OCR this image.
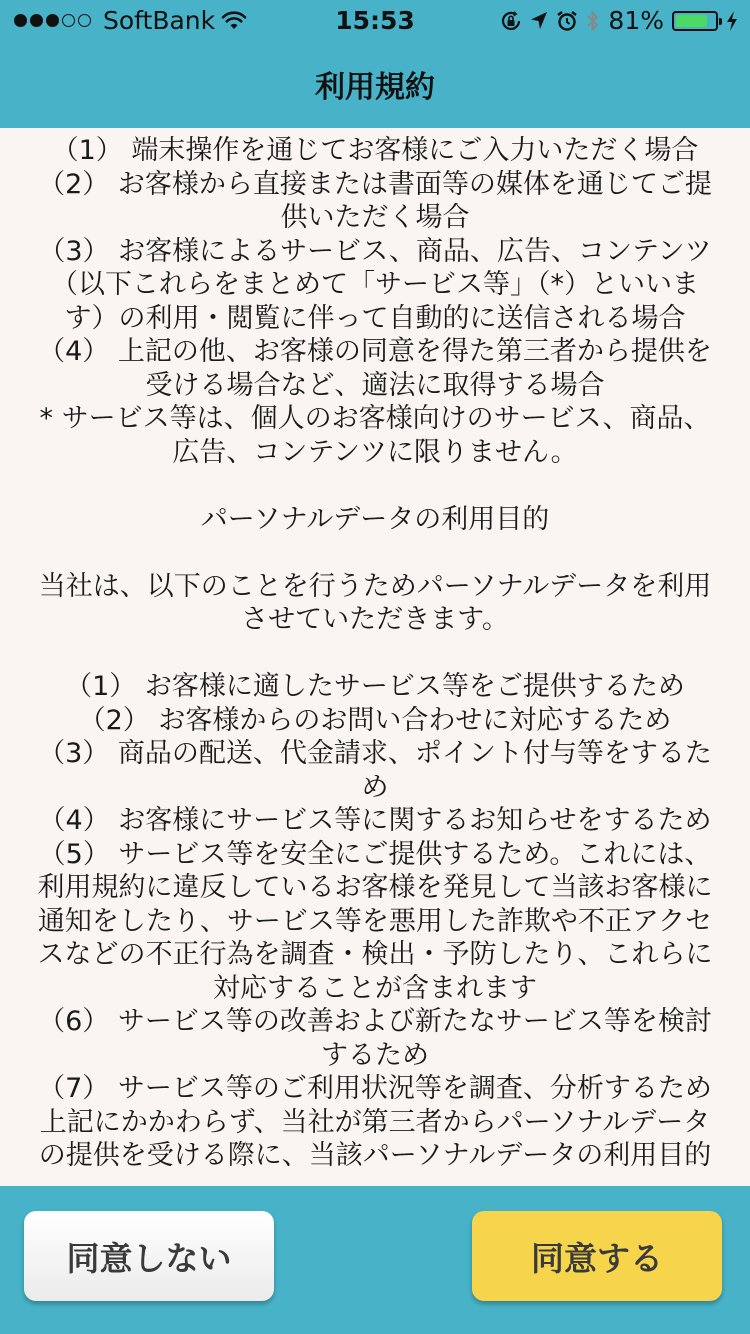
SoftBank	15:53	81%
利用規約
（1） 端末操作を通じてお客様にご入力いただく場合
（2） お客様から直接または書面等の媒体を通じてご提
供いただく場合
（3） お客様によるサービス、商品、広告、コンテンツ
（以下これらをまとめて「サービス等」（*）といいま
す）の利用・閲覧に伴って自動的に送信される場合
（4） 上記の他、お客様の同意を得た第三者から提供を
受ける場合など、適法に取得する場合
* サービス等は、個人のお客様向けのサービス、商品、
広告、コンテンツに限りません。
パーソナルデータの利用目的
当社は、以下のことを行うためパーソナルデータを利用
させていただきます。
（1） お客様に適したサービス等をご提供するため
（2） お客様からのお問い合わせに対応するため
（3） 商品の配送、代金請求、ポイント付与等をするた
め
（4） お客様にサービス等に関するお知らせをするため
（5） サービス等を安全にご提供するため。これには、
利用規約に違反しているお客様を発見して当該お客様に
通知をしたり、サービス等を悪用した詐欺や不正アクセ
スなどの不正行為を調査・検出・予防したり、これらに
対応することが含まれます
（6） サービス等の改善および新たなサービス等を検討
するため
（7） サービス等のご利用状況等を調査、分析するため
上記にかかわらず、当社が第三者からパーソナルデータ
の提供を受ける際に、当該パーソナルデータの利用目的
同意しない	同意する
